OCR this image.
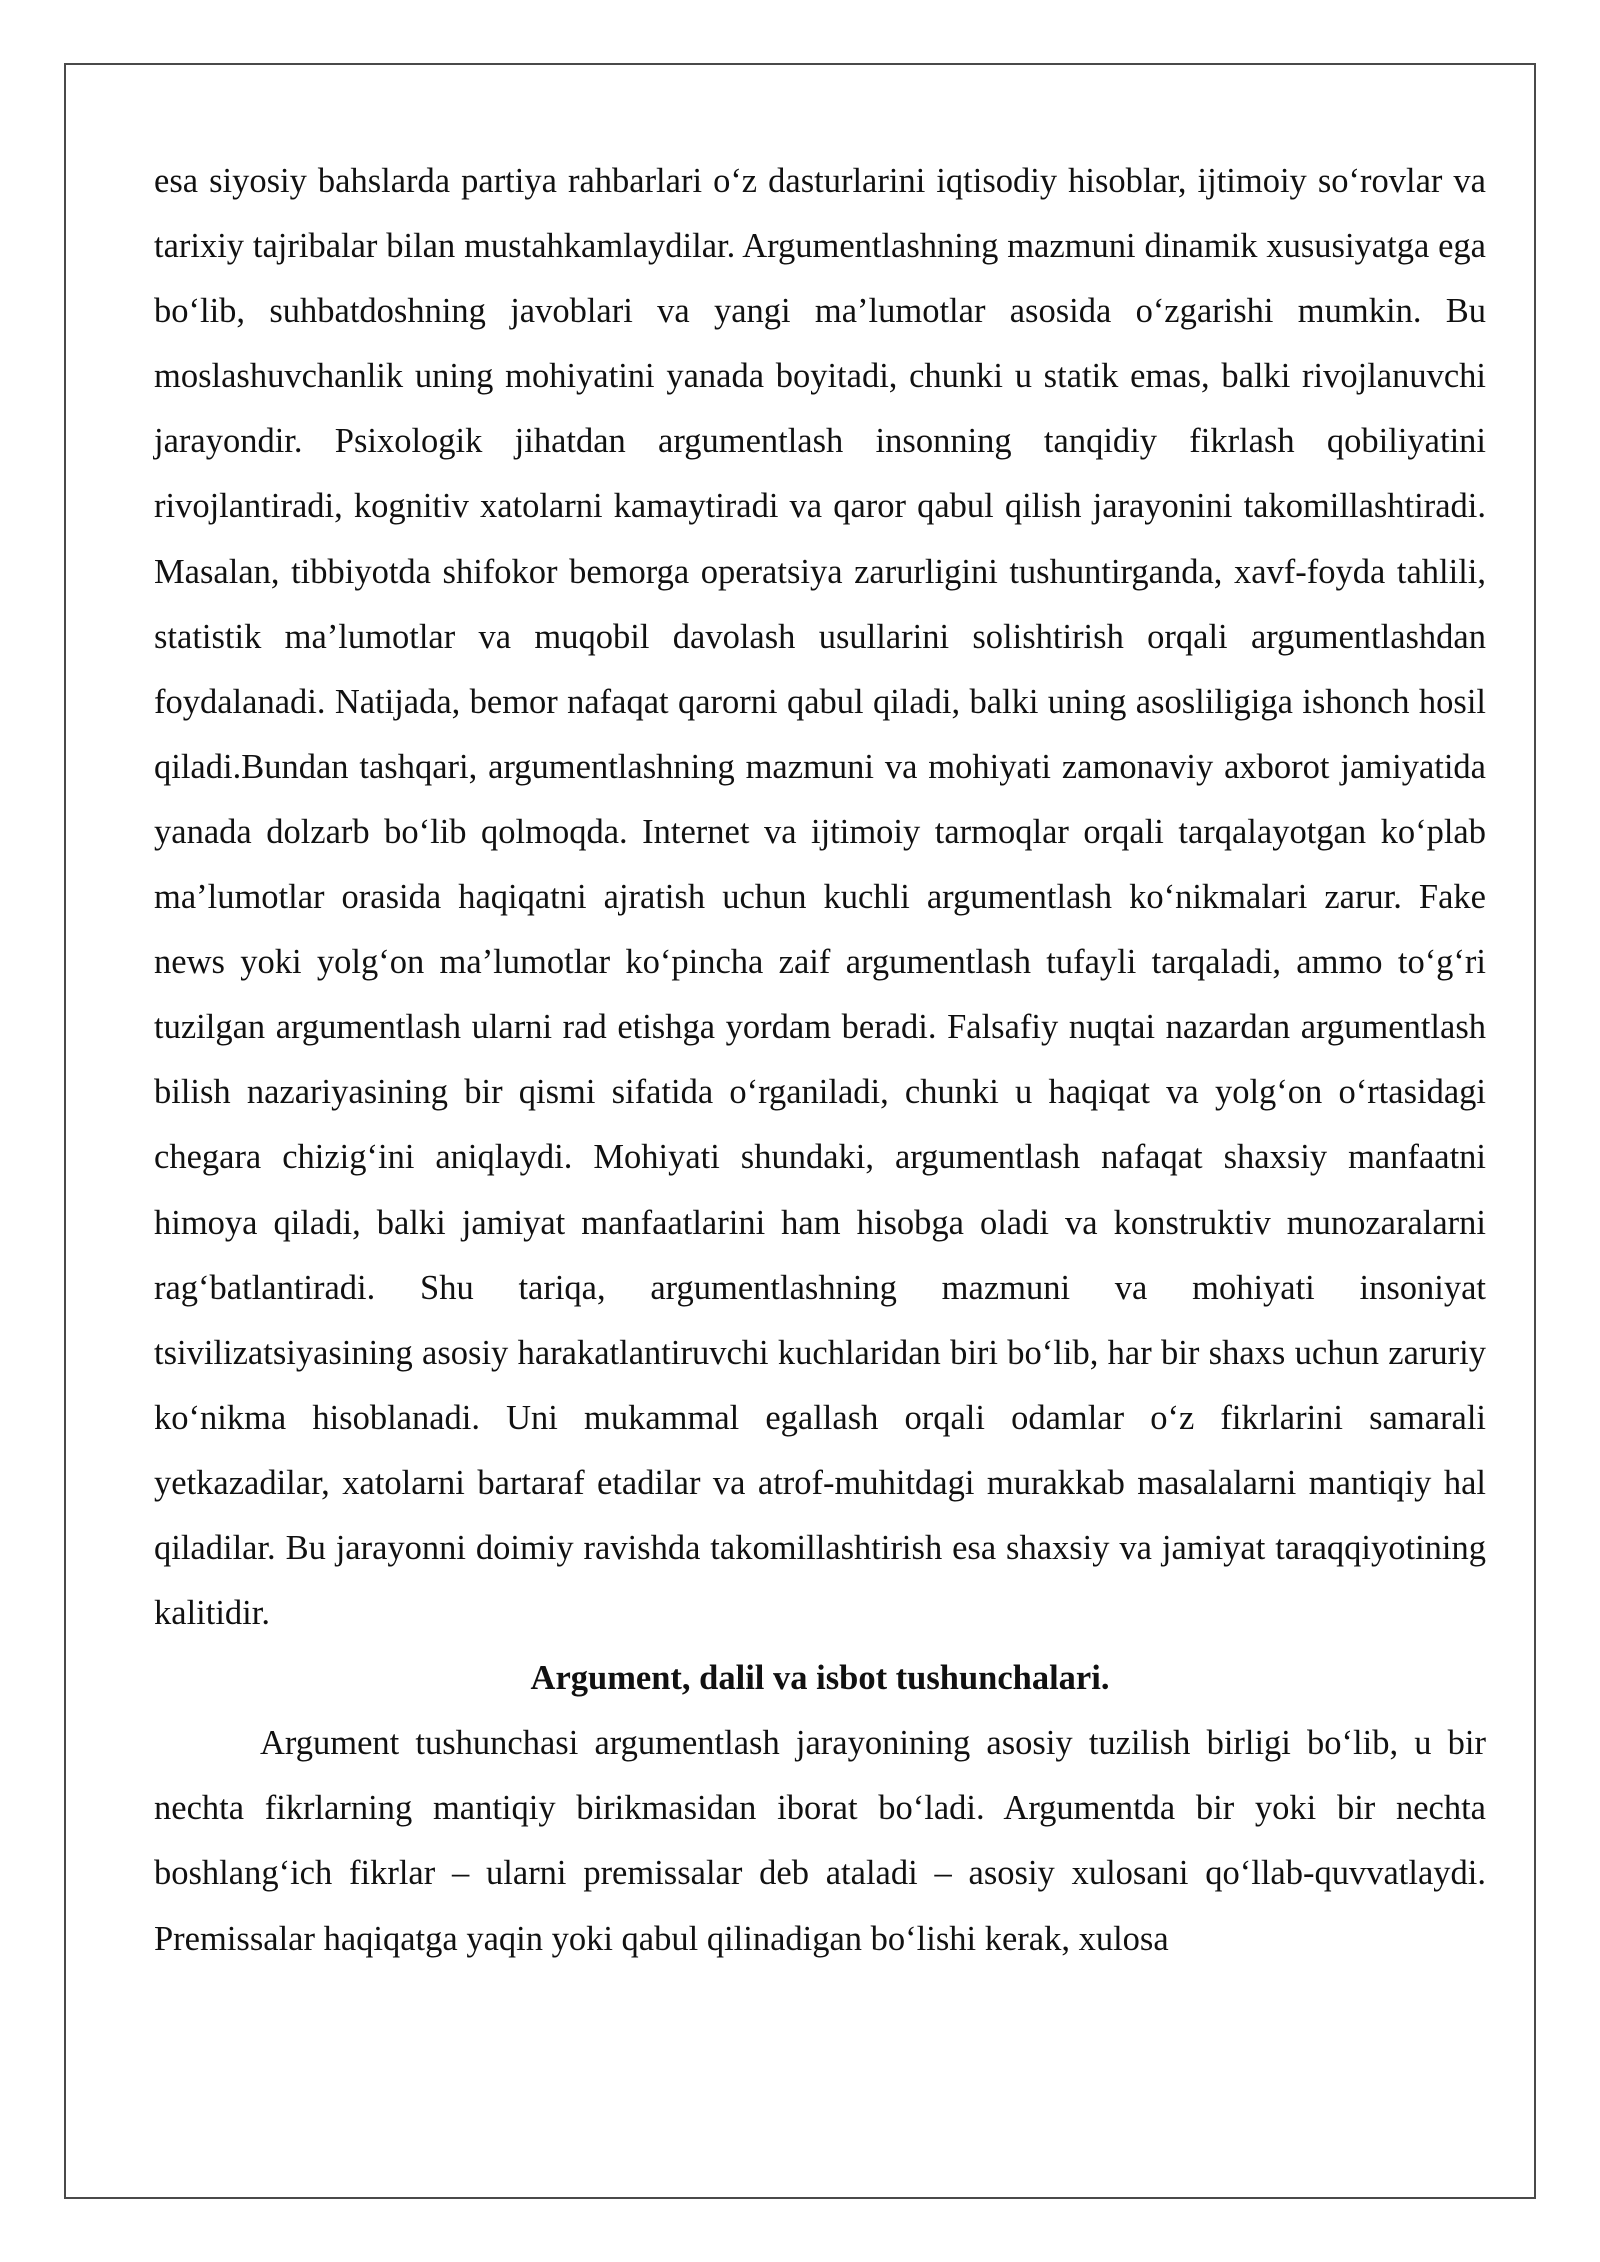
esa siyosiy bahslarda partiya rahbarlari o‘z dasturlarini iqtisodiy hisoblar, ijtimoiy so‘rovlar va tarixiy tajribalar bilan mustahkamlaydilar. Argumentlashning mazmuni dinamik xususiyatga ega bo‘lib, suhbatdoshning javoblari va yangi ma’lumotlar asosida o‘zgarishi mumkin. Bu moslashuvchanlik uning mohiyatini yanada boyitadi, chunki u statik emas, balki rivojlanuvchi jarayondir. Psixologik jihatdan argumentlash insonning tanqidiy fikrlash qobiliyatini rivojlantiradi, kognitiv xatolarni kamaytiradi va qaror qabul qilish jarayonini takomillashtiradi. Masalan, tibbiyotda shifokor bemorga operatsiya zarurligini tushuntirganda, xavf-foyda tahlili, statistik ma’lumotlar va muqobil davolash usullarini solishtirish orqali argumentlashdan foydalanadi. Natijada, bemor nafaqat qarorni qabul qiladi, balki uning asosliligiga ishonch hosil qiladi.Bundan tashqari, argumentlashning mazmuni va mohiyati zamonaviy axborot jamiyatida yanada dolzarb bo‘lib qolmoqda. Internet va ijtimoiy tarmoqlar orqali tarqalayotgan ko‘plab ma’lumotlar orasida haqiqatni ajratish uchun kuchli argumentlash ko‘nikmalari zarur. Fake news yoki yolg‘on ma’lumotlar ko‘pincha zaif argumentlash tufayli tarqaladi, ammo to‘g‘ri tuzilgan argumentlash ularni rad etishga yordam beradi. Falsafiy nuqtai nazardan argumentlash bilish nazariyasining bir qismi sifatida o‘rganiladi, chunki u haqiqat va yolg‘on o‘rtasidagi chegara chizig‘ini aniqlaydi. Mohiyati shundaki, argumentlash nafaqat shaxsiy manfaatni himoya qiladi, balki jamiyat manfaatlarini ham hisobga oladi va konstruktiv munozaralarni rag‘batlantiradi. Shu tariqa, argumentlashning mazmuni va mohiyati insoniyat tsivilizatsiyasining asosiy harakatlantiruvchi kuchlaridan biri bo‘lib, har bir shaxs uchun zaruriy ko‘nikma hisoblanadi. Uni mukammal egallash orqali odamlar o‘z fikrlarini samarali yetkazadilar, xatolarni bartaraf etadilar va atrof-muhitdagi murakkab masalalarni mantiqiy hal qiladilar. Bu jarayonni doimiy ravishda takomillashtirish esa shaxsiy va jamiyat taraqqiyotining kalitidir.

Argument, dalil va isbot tushunchalari.

Argument tushunchasi argumentlash jarayonining asosiy tuzilish birligi bo‘lib, u bir nechta fikrlarning mantiqiy birikmasidan iborat bo‘ladi. Argumentda bir yoki bir nechta boshlang‘ich fikrlar – ularni premissalar deb ataladi – asosiy xulosani qo‘llab-quvvatlaydi. Premissalar haqiqatga yaqin yoki qabul qilinadigan bo‘lishi kerak, xulosa
